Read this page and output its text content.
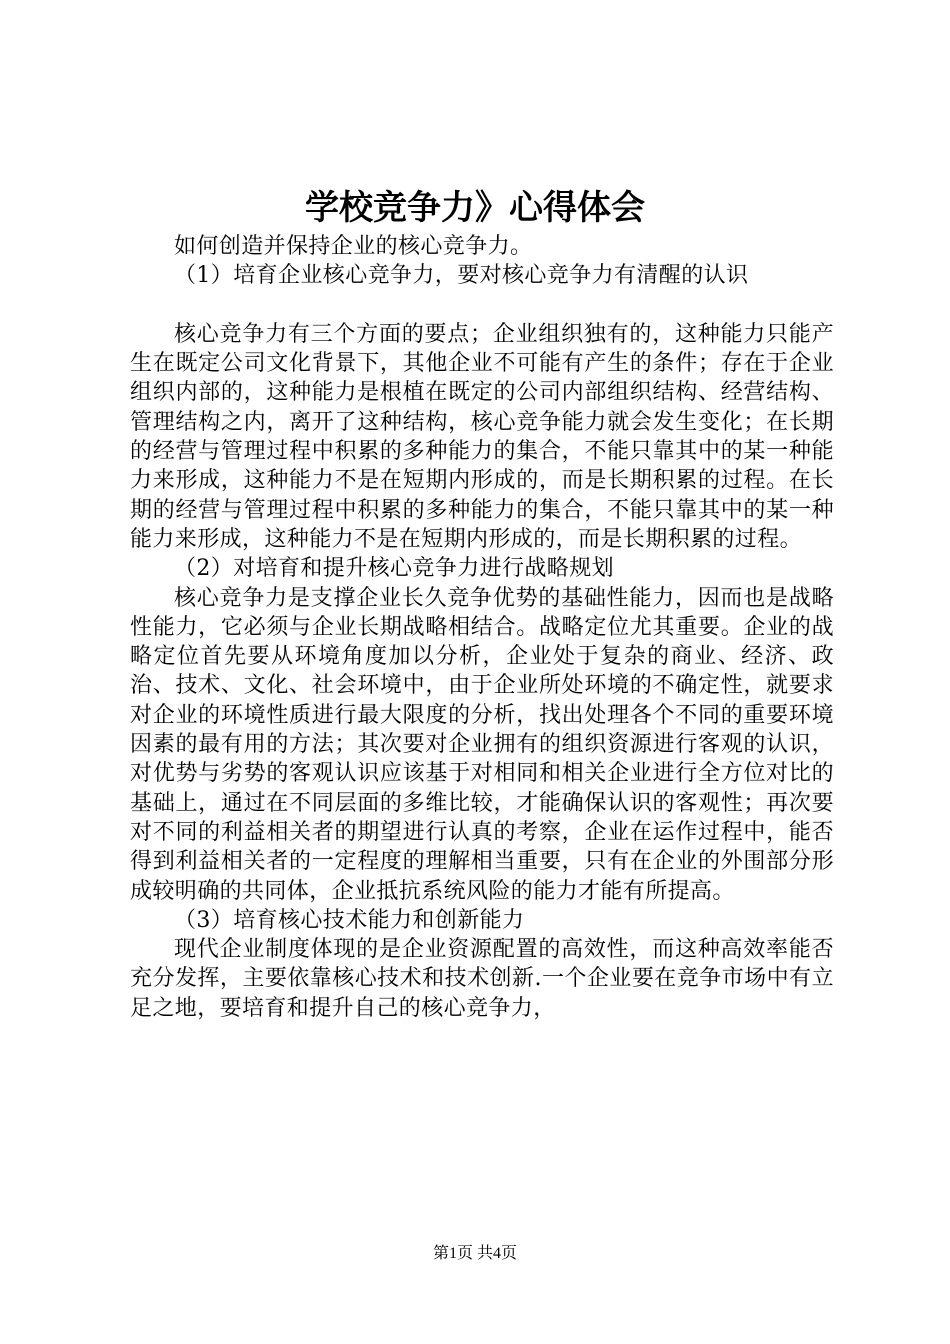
学校竞争力》心得体会

如何创造并保持企业的核心竞争力。

（1）培育企业核心竞争力，要对核心竞争力有清醒的认识

核心竞争力有三个方面的要点；企业组织独有的，这种能力只能产生在既定公司文化背景下，其他企业不可能有产生的条件；存在于企业组织内部的，这种能力是根植在既定的公司内部组织结构、经营结构、管理结构之内，离开了这种结构，核心竞争能力就会发生变化；在长期的经营与管理过程中积累的多种能力的集合，不能只靠其中的某一种能力来形成，这种能力不是在短期内形成的，而是长期积累的过程。在长期的经营与管理过程中积累的多种能力的集合，不能只靠其中的某一种能力来形成，这种能力不是在短期内形成的，而是长期积累的过程。

（2）对培育和提升核心竞争力进行战略规划

核心竞争力是支撑企业长久竞争优势的基础性能力，因而也是战略性能力，它必须与企业长期战略相结合。战略定位尤其重要。企业的战略定位首先要从环境角度加以分析，企业处于复杂的商业、经济、政治、技术、文化、社会环境中，由于企业所处环境的不确定性，就要求对企业的环境性质进行最大限度的分析，找出处理各个不同的重要环境因素的最有用的方法；其次要对企业拥有的组织资源进行客观的认识，对优势与劣势的客观认识应该基于对相同和相关企业进行全方位对比的基础上，通过在不同层面的多维比较，才能确保认识的客观性；再次要对不同的利益相关者的期望进行认真的考察，企业在运作过程中，能否得到利益相关者的一定程度的理解相当重要，只有在企业的外围部分形成较明确的共同体，企业抵抗系统风险的能力才能有所提高。

（3）培育核心技术能力和创新能力

现代企业制度体现的是企业资源配置的高效性，而这种高效率能否充分发挥，主要依靠核心技术和技术创新.一个企业要在竞争市场中有立足之地，要培育和提升自己的核心竞争力，

第1页 共4页
